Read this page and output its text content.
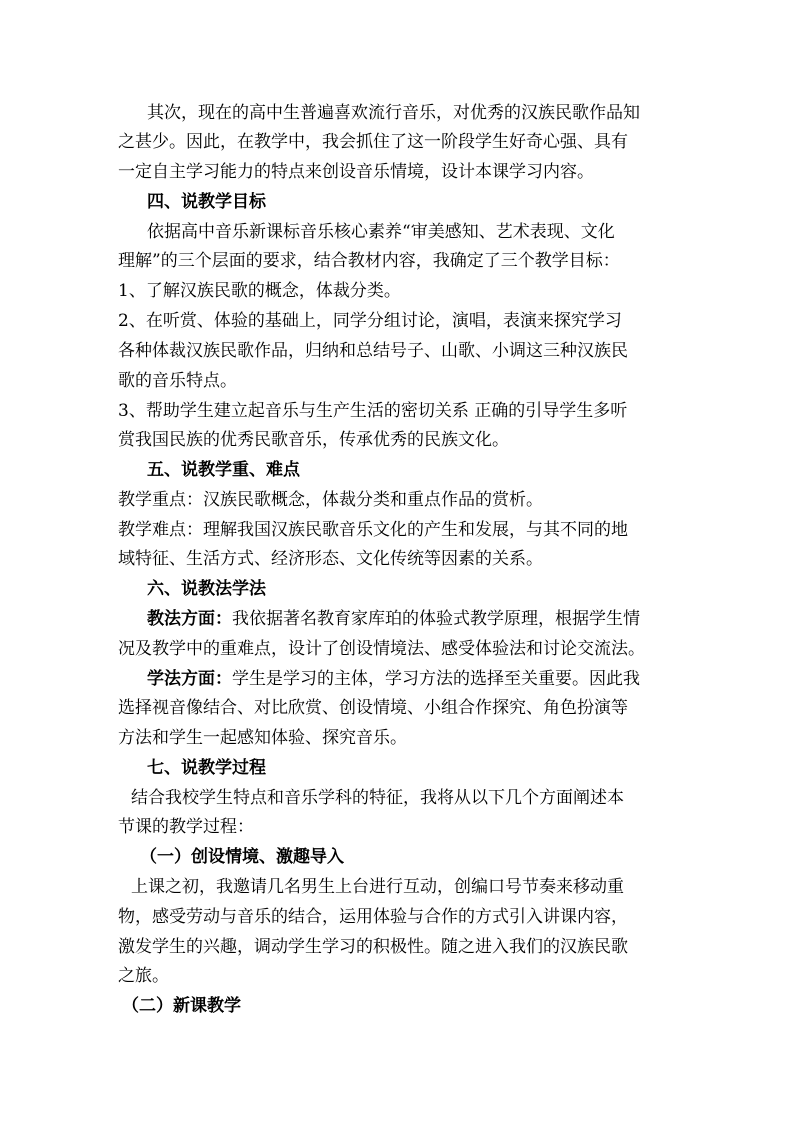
其次，现在的高中生普遍喜欢流行音乐，对优秀的汉族民歌作品知
之甚少。因此，在教学中，我会抓住了这一阶段学生好奇心强、具有
一定自主学习能力的特点来创设音乐情境，设计本课学习内容。
四、说教学目标
依据高中音乐新课标音乐核心素养“审美感知、艺术表现、文化
理解”的三个层面的要求，结合教材内容，我确定了三个教学目标：
1、了解汉族民歌的概念，体裁分类。
2、在听赏、体验的基础上，同学分组讨论，演唱，表演来探究学习
各种体裁汉族民歌作品，归纳和总结号子、山歌、小调这三种汉族民
歌的音乐特点。
3、帮助学生建立起音乐与生产生活的密切关系 正确的引导学生多听
赏我国民族的优秀民歌音乐，传承优秀的民族文化。
五、说教学重、难点
教学重点：汉族民歌概念，体裁分类和重点作品的赏析。
教学难点：理解我国汉族民歌音乐文化的产生和发展，与其不同的地
域特征、生活方式、经济形态、文化传统等因素的关系。
六、说教法学法
教法方面：我依据著名教育家库珀的体验式教学原理，根据学生情
况及教学中的重难点，设计了创设情境法、感受体验法和讨论交流法。
学法方面：学生是学习的主体，学习方法的选择至关重要。因此我
选择视音像结合、对比欣赏、创设情境、小组合作探究、角色扮演等
方法和学生一起感知体验、探究音乐。
七、说教学过程
结合我校学生特点和音乐学科的特征，我将从以下几个方面阐述本
节课的教学过程：
（一）创设情境、激趣导入
上课之初，我邀请几名男生上台进行互动，创编口号节奏来移动重
物，感受劳动与音乐的结合，运用体验与合作的方式引入讲课内容，
激发学生的兴趣，调动学生学习的积极性。随之进入我们的汉族民歌
之旅。
（二）新课教学
